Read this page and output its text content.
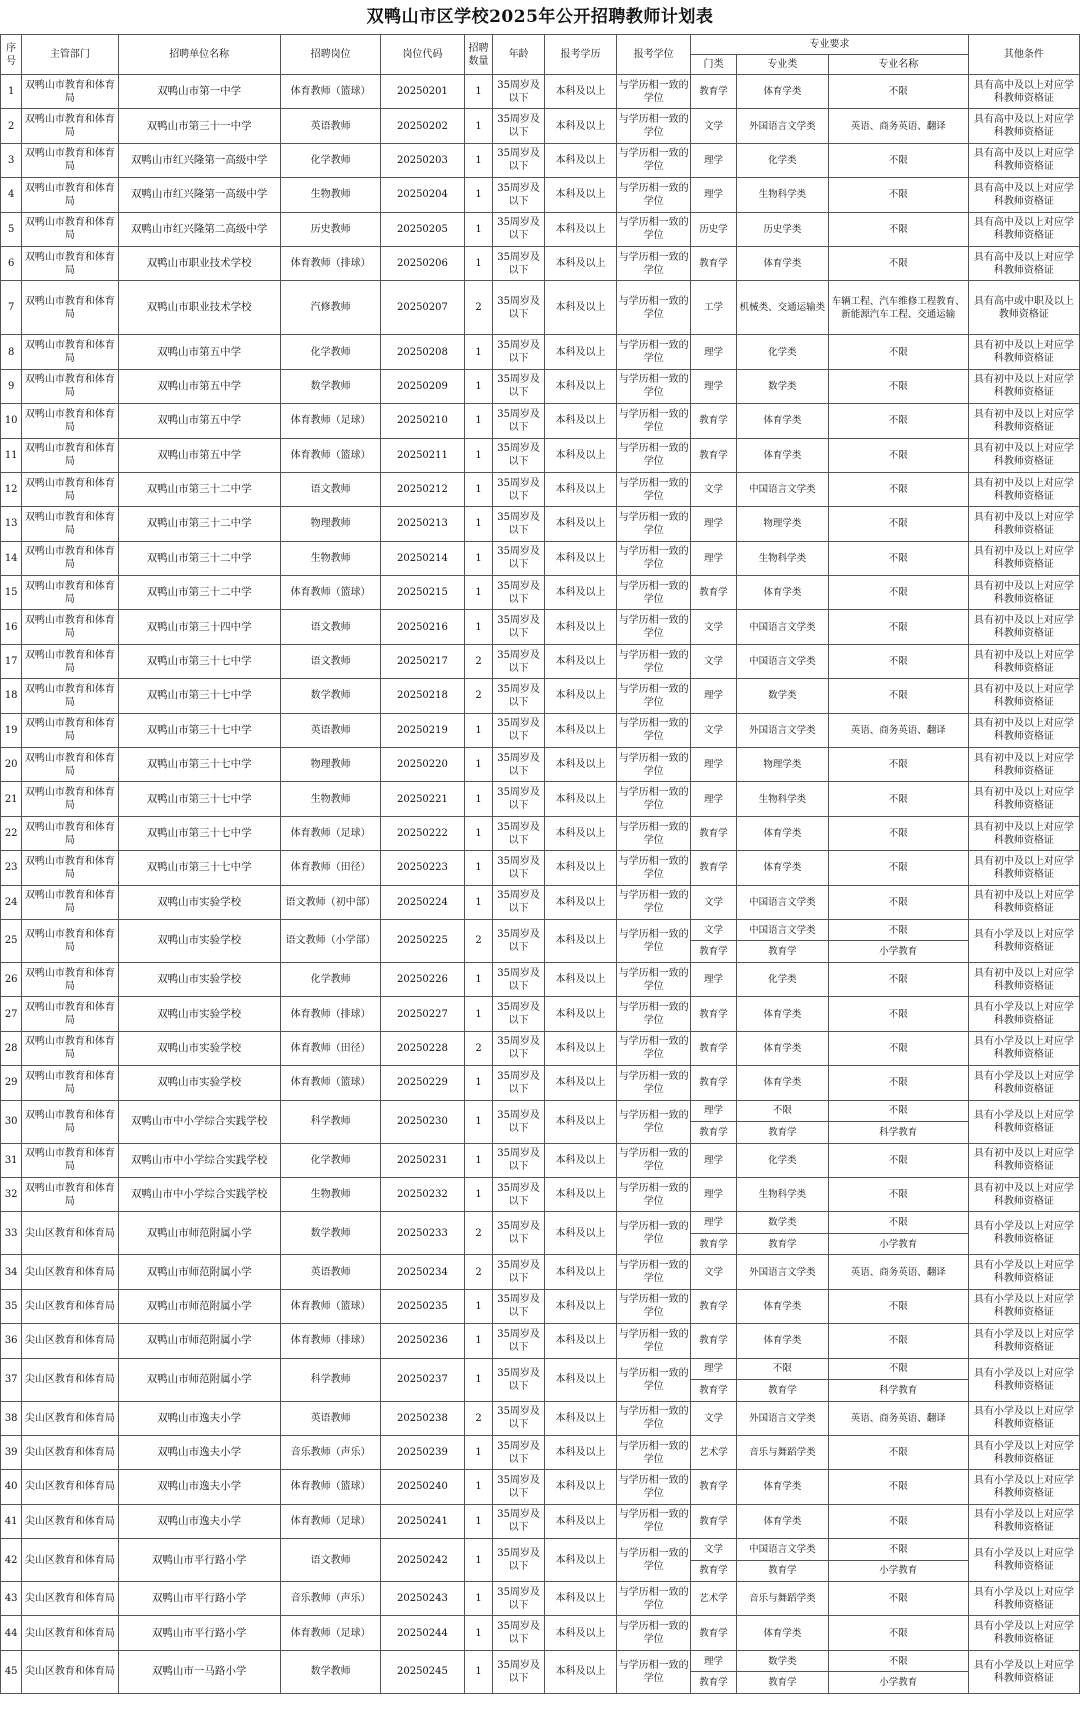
双鸭山市区学校2025年公开招聘教师计划表
序号	主管部门	招聘单位名称	招聘岗位	岗位代码	招聘数量	年龄	报考学历	报考学位	专业要求			其他条件
									门类	专业类	专业名称	
1	双鸭山市教育和体育局	双鸭山市第一中学	体育教师（篮球）	20250201	1	35周岁及以下	本科及以上	与学历相一致的学位	教育学	体育学类	不限	具有高中及以上对应学科教师资格证
2	双鸭山市教育和体育局	双鸭山市第三十一中学	英语教师	20250202	1	35周岁及以下	本科及以上	与学历相一致的学位	文学	外国语言文学类	英语、商务英语、翻译	具有高中及以上对应学科教师资格证
3	双鸭山市教育和体育局	双鸭山市红兴隆第一高级中学	化学教师	20250203	1	35周岁及以下	本科及以上	与学历相一致的学位	理学	化学类	不限	具有高中及以上对应学科教师资格证
4	双鸭山市教育和体育局	双鸭山市红兴隆第一高级中学	生物教师	20250204	1	35周岁及以下	本科及以上	与学历相一致的学位	理学	生物科学类	不限	具有高中及以上对应学科教师资格证
5	双鸭山市教育和体育局	双鸭山市红兴隆第二高级中学	历史教师	20250205	1	35周岁及以下	本科及以上	与学历相一致的学位	历史学	历史学类	不限	具有高中及以上对应学科教师资格证
6	双鸭山市教育和体育局	双鸭山市职业技术学校	体育教师（排球）	20250206	1	35周岁及以下	本科及以上	与学历相一致的学位	教育学	体育学类	不限	具有高中及以上对应学科教师资格证
7	双鸭山市教育和体育局	双鸭山市职业技术学校	汽修教师	20250207	2	35周岁及以下	本科及以上	与学历相一致的学位	工学	机械类、交通运输类	车辆工程、汽车维修工程教育、新能源汽车工程、交通运输	具有高中或中职及以上教师资格证
8	双鸭山市教育和体育局	双鸭山市第五中学	化学教师	20250208	1	35周岁及以下	本科及以上	与学历相一致的学位	理学	化学类	不限	具有初中及以上对应学科教师资格证
9	双鸭山市教育和体育局	双鸭山市第五中学	数学教师	20250209	1	35周岁及以下	本科及以上	与学历相一致的学位	理学	数学类	不限	具有初中及以上对应学科教师资格证
10	双鸭山市教育和体育局	双鸭山市第五中学	体育教师（足球）	20250210	1	35周岁及以下	本科及以上	与学历相一致的学位	教育学	体育学类	不限	具有初中及以上对应学科教师资格证
11	双鸭山市教育和体育局	双鸭山市第五中学	体育教师（篮球）	20250211	1	35周岁及以下	本科及以上	与学历相一致的学位	教育学	体育学类	不限	具有初中及以上对应学科教师资格证
12	双鸭山市教育和体育局	双鸭山市第三十二中学	语文教师	20250212	1	35周岁及以下	本科及以上	与学历相一致的学位	文学	中国语言文学类	不限	具有初中及以上对应学科教师资格证
13	双鸭山市教育和体育局	双鸭山市第三十二中学	物理教师	20250213	1	35周岁及以下	本科及以上	与学历相一致的学位	理学	物理学类	不限	具有初中及以上对应学科教师资格证
14	双鸭山市教育和体育局	双鸭山市第三十二中学	生物教师	20250214	1	35周岁及以下	本科及以上	与学历相一致的学位	理学	生物科学类	不限	具有初中及以上对应学科教师资格证
15	双鸭山市教育和体育局	双鸭山市第三十二中学	体育教师（篮球）	20250215	1	35周岁及以下	本科及以上	与学历相一致的学位	教育学	体育学类	不限	具有初中及以上对应学科教师资格证
16	双鸭山市教育和体育局	双鸭山市第三十四中学	语文教师	20250216	1	35周岁及以下	本科及以上	与学历相一致的学位	文学	中国语言文学类	不限	具有初中及以上对应学科教师资格证
17	双鸭山市教育和体育局	双鸭山市第三十七中学	语文教师	20250217	2	35周岁及以下	本科及以上	与学历相一致的学位	文学	中国语言文学类	不限	具有初中及以上对应学科教师资格证
18	双鸭山市教育和体育局	双鸭山市第三十七中学	数学教师	20250218	2	35周岁及以下	本科及以上	与学历相一致的学位	理学	数学类	不限	具有初中及以上对应学科教师资格证
19	双鸭山市教育和体育局	双鸭山市第三十七中学	英语教师	20250219	1	35周岁及以下	本科及以上	与学历相一致的学位	文学	外国语言文学类	英语、商务英语、翻译	具有初中及以上对应学科教师资格证
20	双鸭山市教育和体育局	双鸭山市第三十七中学	物理教师	20250220	1	35周岁及以下	本科及以上	与学历相一致的学位	理学	物理学类	不限	具有初中及以上对应学科教师资格证
21	双鸭山市教育和体育局	双鸭山市第三十七中学	生物教师	20250221	1	35周岁及以下	本科及以上	与学历相一致的学位	理学	生物科学类	不限	具有初中及以上对应学科教师资格证
22	双鸭山市教育和体育局	双鸭山市第三十七中学	体育教师（足球）	20250222	1	35周岁及以下	本科及以上	与学历相一致的学位	教育学	体育学类	不限	具有初中及以上对应学科教师资格证
23	双鸭山市教育和体育局	双鸭山市第三十七中学	体育教师（田径）	20250223	1	35周岁及以下	本科及以上	与学历相一致的学位	教育学	体育学类	不限	具有初中及以上对应学科教师资格证
24	双鸭山市教育和体育局	双鸭山市实验学校	语文教师（初中部）	20250224	1	35周岁及以下	本科及以上	与学历相一致的学位	文学	中国语言文学类	不限	具有初中及以上对应学科教师资格证
25	双鸭山市教育和体育局	双鸭山市实验学校	语文教师（小学部）	20250225	2	35周岁及以下	本科及以上	与学历相一致的学位	文学	中国语言文学类	不限	具有小学及以上对应学科教师资格证
									教育学	教育学	小学教育	
26	双鸭山市教育和体育局	双鸭山市实验学校	化学教师	20250226	1	35周岁及以下	本科及以上	与学历相一致的学位	理学	化学类	不限	具有初中及以上对应学科教师资格证
27	双鸭山市教育和体育局	双鸭山市实验学校	体育教师（排球）	20250227	1	35周岁及以下	本科及以上	与学历相一致的学位	教育学	体育学类	不限	具有小学及以上对应学科教师资格证
28	双鸭山市教育和体育局	双鸭山市实验学校	体育教师（田径）	20250228	2	35周岁及以下	本科及以上	与学历相一致的学位	教育学	体育学类	不限	具有小学及以上对应学科教师资格证
29	双鸭山市教育和体育局	双鸭山市实验学校	体育教师（篮球）	20250229	1	35周岁及以下	本科及以上	与学历相一致的学位	教育学	体育学类	不限	具有小学及以上对应学科教师资格证
30	双鸭山市教育和体育局	双鸭山市中小学综合实践学校	科学教师	20250230	1	35周岁及以下	本科及以上	与学历相一致的学位	理学	不限	不限	具有小学及以上对应学科教师资格证
									教育学	教育学	科学教育	
31	双鸭山市教育和体育局	双鸭山市中小学综合实践学校	化学教师	20250231	1	35周岁及以下	本科及以上	与学历相一致的学位	理学	化学类	不限	具有初中及以上对应学科教师资格证
32	双鸭山市教育和体育局	双鸭山市中小学综合实践学校	生物教师	20250232	1	35周岁及以下	本科及以上	与学历相一致的学位	理学	生物科学类	不限	具有初中及以上对应学科教师资格证
33	尖山区教育和体育局	双鸭山市师范附属小学	数学教师	20250233	2	35周岁及以下	本科及以上	与学历相一致的学位	理学	数学类	不限	具有小学及以上对应学科教师资格证
									教育学	教育学	小学教育	
34	尖山区教育和体育局	双鸭山市师范附属小学	英语教师	20250234	2	35周岁及以下	本科及以上	与学历相一致的学位	文学	外国语言文学类	英语、商务英语、翻译	具有小学及以上对应学科教师资格证
35	尖山区教育和体育局	双鸭山市师范附属小学	体育教师（篮球）	20250235	1	35周岁及以下	本科及以上	与学历相一致的学位	教育学	体育学类	不限	具有小学及以上对应学科教师资格证
36	尖山区教育和体育局	双鸭山市师范附属小学	体育教师（排球）	20250236	1	35周岁及以下	本科及以上	与学历相一致的学位	教育学	体育学类	不限	具有小学及以上对应学科教师资格证
37	尖山区教育和体育局	双鸭山市师范附属小学	科学教师	20250237	1	35周岁及以下	本科及以上	与学历相一致的学位	理学	不限	不限	具有小学及以上对应学科教师资格证
									教育学	教育学	科学教育	
38	尖山区教育和体育局	双鸭山市逸夫小学	英语教师	20250238	2	35周岁及以下	本科及以上	与学历相一致的学位	文学	外国语言文学类	英语、商务英语、翻译	具有小学及以上对应学科教师资格证
39	尖山区教育和体育局	双鸭山市逸夫小学	音乐教师（声乐）	20250239	1	35周岁及以下	本科及以上	与学历相一致的学位	艺术学	音乐与舞蹈学类	不限	具有小学及以上对应学科教师资格证
40	尖山区教育和体育局	双鸭山市逸夫小学	体育教师（篮球）	20250240	1	35周岁及以下	本科及以上	与学历相一致的学位	教育学	体育学类	不限	具有小学及以上对应学科教师资格证
41	尖山区教育和体育局	双鸭山市逸夫小学	体育教师（足球）	20250241	1	35周岁及以下	本科及以上	与学历相一致的学位	教育学	体育学类	不限	具有小学及以上对应学科教师资格证
42	尖山区教育和体育局	双鸭山市平行路小学	语文教师	20250242	1	35周岁及以下	本科及以上	与学历相一致的学位	文学	中国语言文学类	不限	具有小学及以上对应学科教师资格证
									教育学	教育学	小学教育	
43	尖山区教育和体育局	双鸭山市平行路小学	音乐教师（声乐）	20250243	1	35周岁及以下	本科及以上	与学历相一致的学位	艺术学	音乐与舞蹈学类	不限	具有小学及以上对应学科教师资格证
44	尖山区教育和体育局	双鸭山市平行路小学	体育教师（足球）	20250244	1	35周岁及以下	本科及以上	与学历相一致的学位	教育学	体育学类	不限	具有小学及以上对应学科教师资格证
45	尖山区教育和体育局	双鸭山市一马路小学	数学教师	20250245	1	35周岁及以下	本科及以上	与学历相一致的学位	理学	数学类	不限	具有小学及以上对应学科教师资格证
									教育学	教育学	小学教育	
